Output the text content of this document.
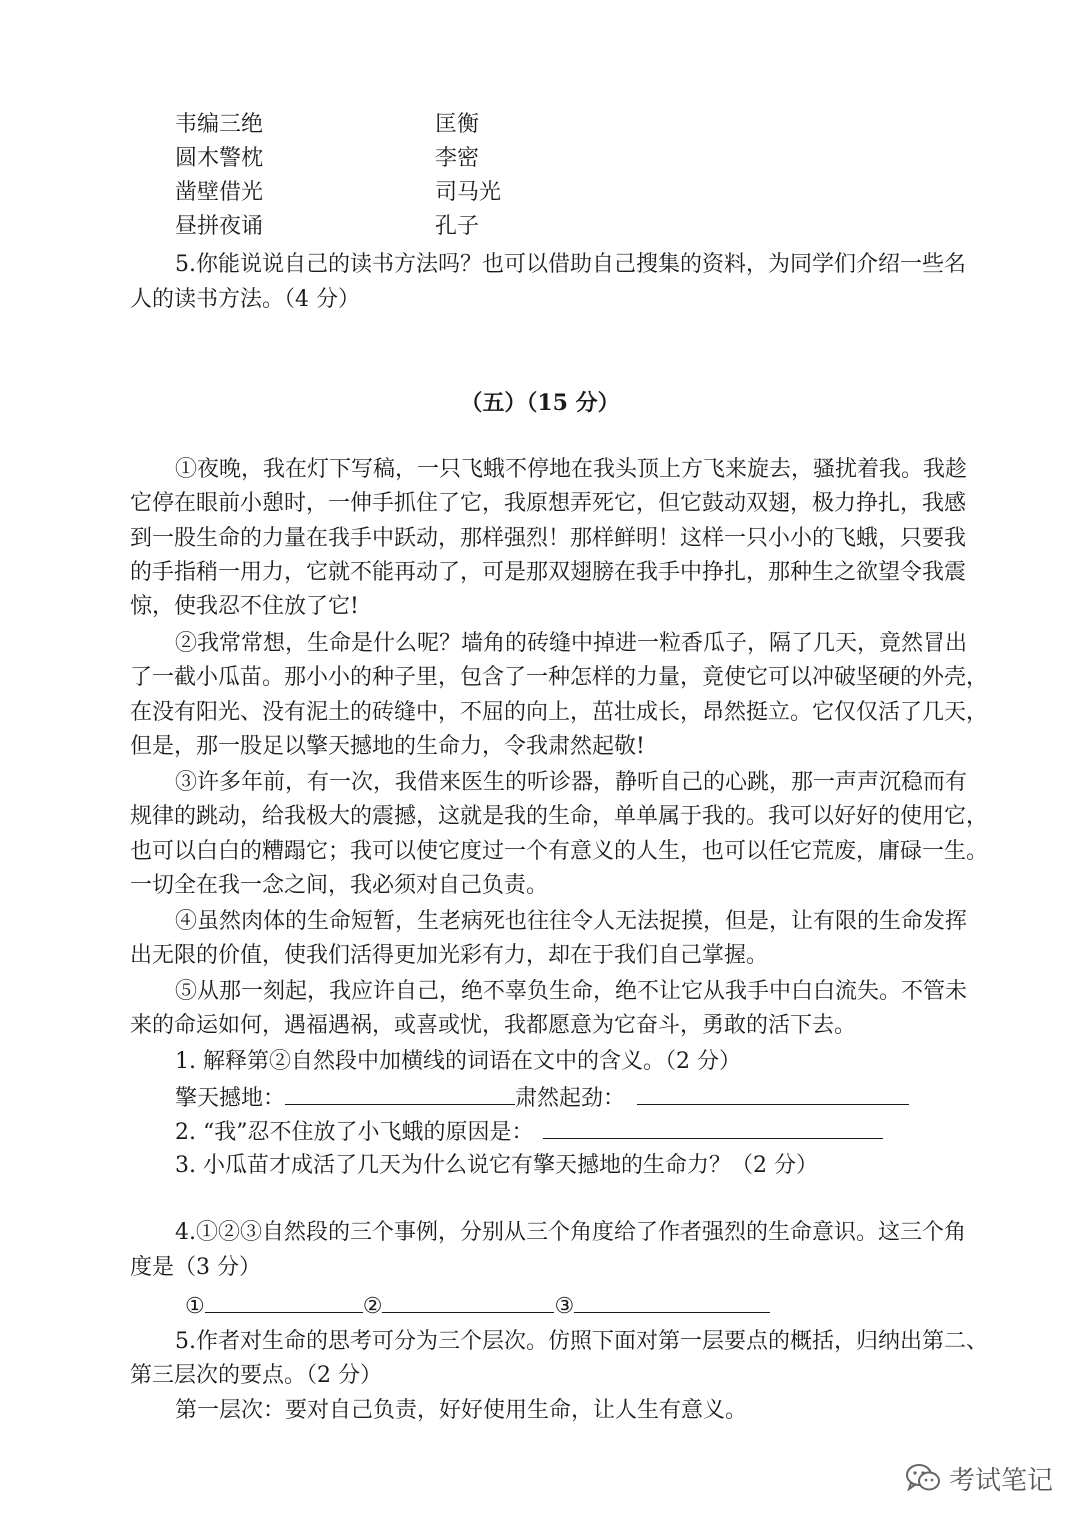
韦编三绝	匡衡
圆木警枕	李密
凿壁借光	司马光
昼拼夜诵	孔子
5.你能说说自己的读书方法吗？也可以借助自己搜集的资料，为同学们介绍一些名
人的读书方法。（4 分）
（五）（15 分）
①夜晚，我在灯下写稿，一只飞蛾不停地在我头顶上方飞来旋去，骚扰着我。我趁
它停在眼前小憩时，一伸手抓住了它，我原想弄死它，但它鼓动双翅，极力挣扎，我感
到一股生命的力量在我手中跃动，那样强烈！那样鲜明！这样一只小小的飞蛾，只要我
的手指稍一用力，它就不能再动了，可是那双翅膀在我手中挣扎，那种生之欲望令我震
惊，使我忍不住放了它!
②我常常想，生命是什么呢？墙角的砖缝中掉进一粒香瓜子，隔了几天，竟然冒出
了一截小瓜苗。那小小的种子里，包含了一种怎样的力量，竟使它可以冲破坚硬的外壳，
在没有阳光、没有泥土的砖缝中，不屈的向上，茁壮成长，昂然挺立。它仅仅活了几天，
但是，那一股足以擎天撼地的生命力，令我肃然起敬!
③许多年前，有一次，我借来医生的听诊器，静听自己的心跳，那一声声沉稳而有
规律的跳动，给我极大的震撼，这就是我的生命，单单属于我的。我可以好好的使用它，
也可以白白的糟蹋它；我可以使它度过一个有意义的人生，也可以任它荒废，庸碌一生。
一切全在我一念之间，我必须对自己负责。
④虽然肉体的生命短暂，生老病死也往往令人无法捉摸，但是，让有限的生命发挥
出无限的价值，使我们活得更加光彩有力，却在于我们自己掌握。
⑤从那一刻起，我应许自己，绝不辜负生命，绝不让它从我手中白白流失。不管未
来的命运如何，遇福遇祸，或喜或忧，我都愿意为它奋斗，勇敢的活下去。
1. 解释第②自然段中加横线的词语在文中的含义。（2 分）
擎天撼地：	肃然起劲：
2. “我”忍不住放了小飞蛾的原因是：
3. 小瓜苗才成活了几天为什么说它有擎天撼地的生命力？（2 分）
4.①②③自然段的三个事例，分别从三个角度给了作者强烈的生命意识。这三个角
度是（3 分）
①	②	③
5.作者对生命的思考可分为三个层次。仿照下面对第一层要点的概括，归纳出第二、
第三层次的要点。（2 分）
第一层次：要对自己负责，好好使用生命，让人生有意义。
考试笔记
